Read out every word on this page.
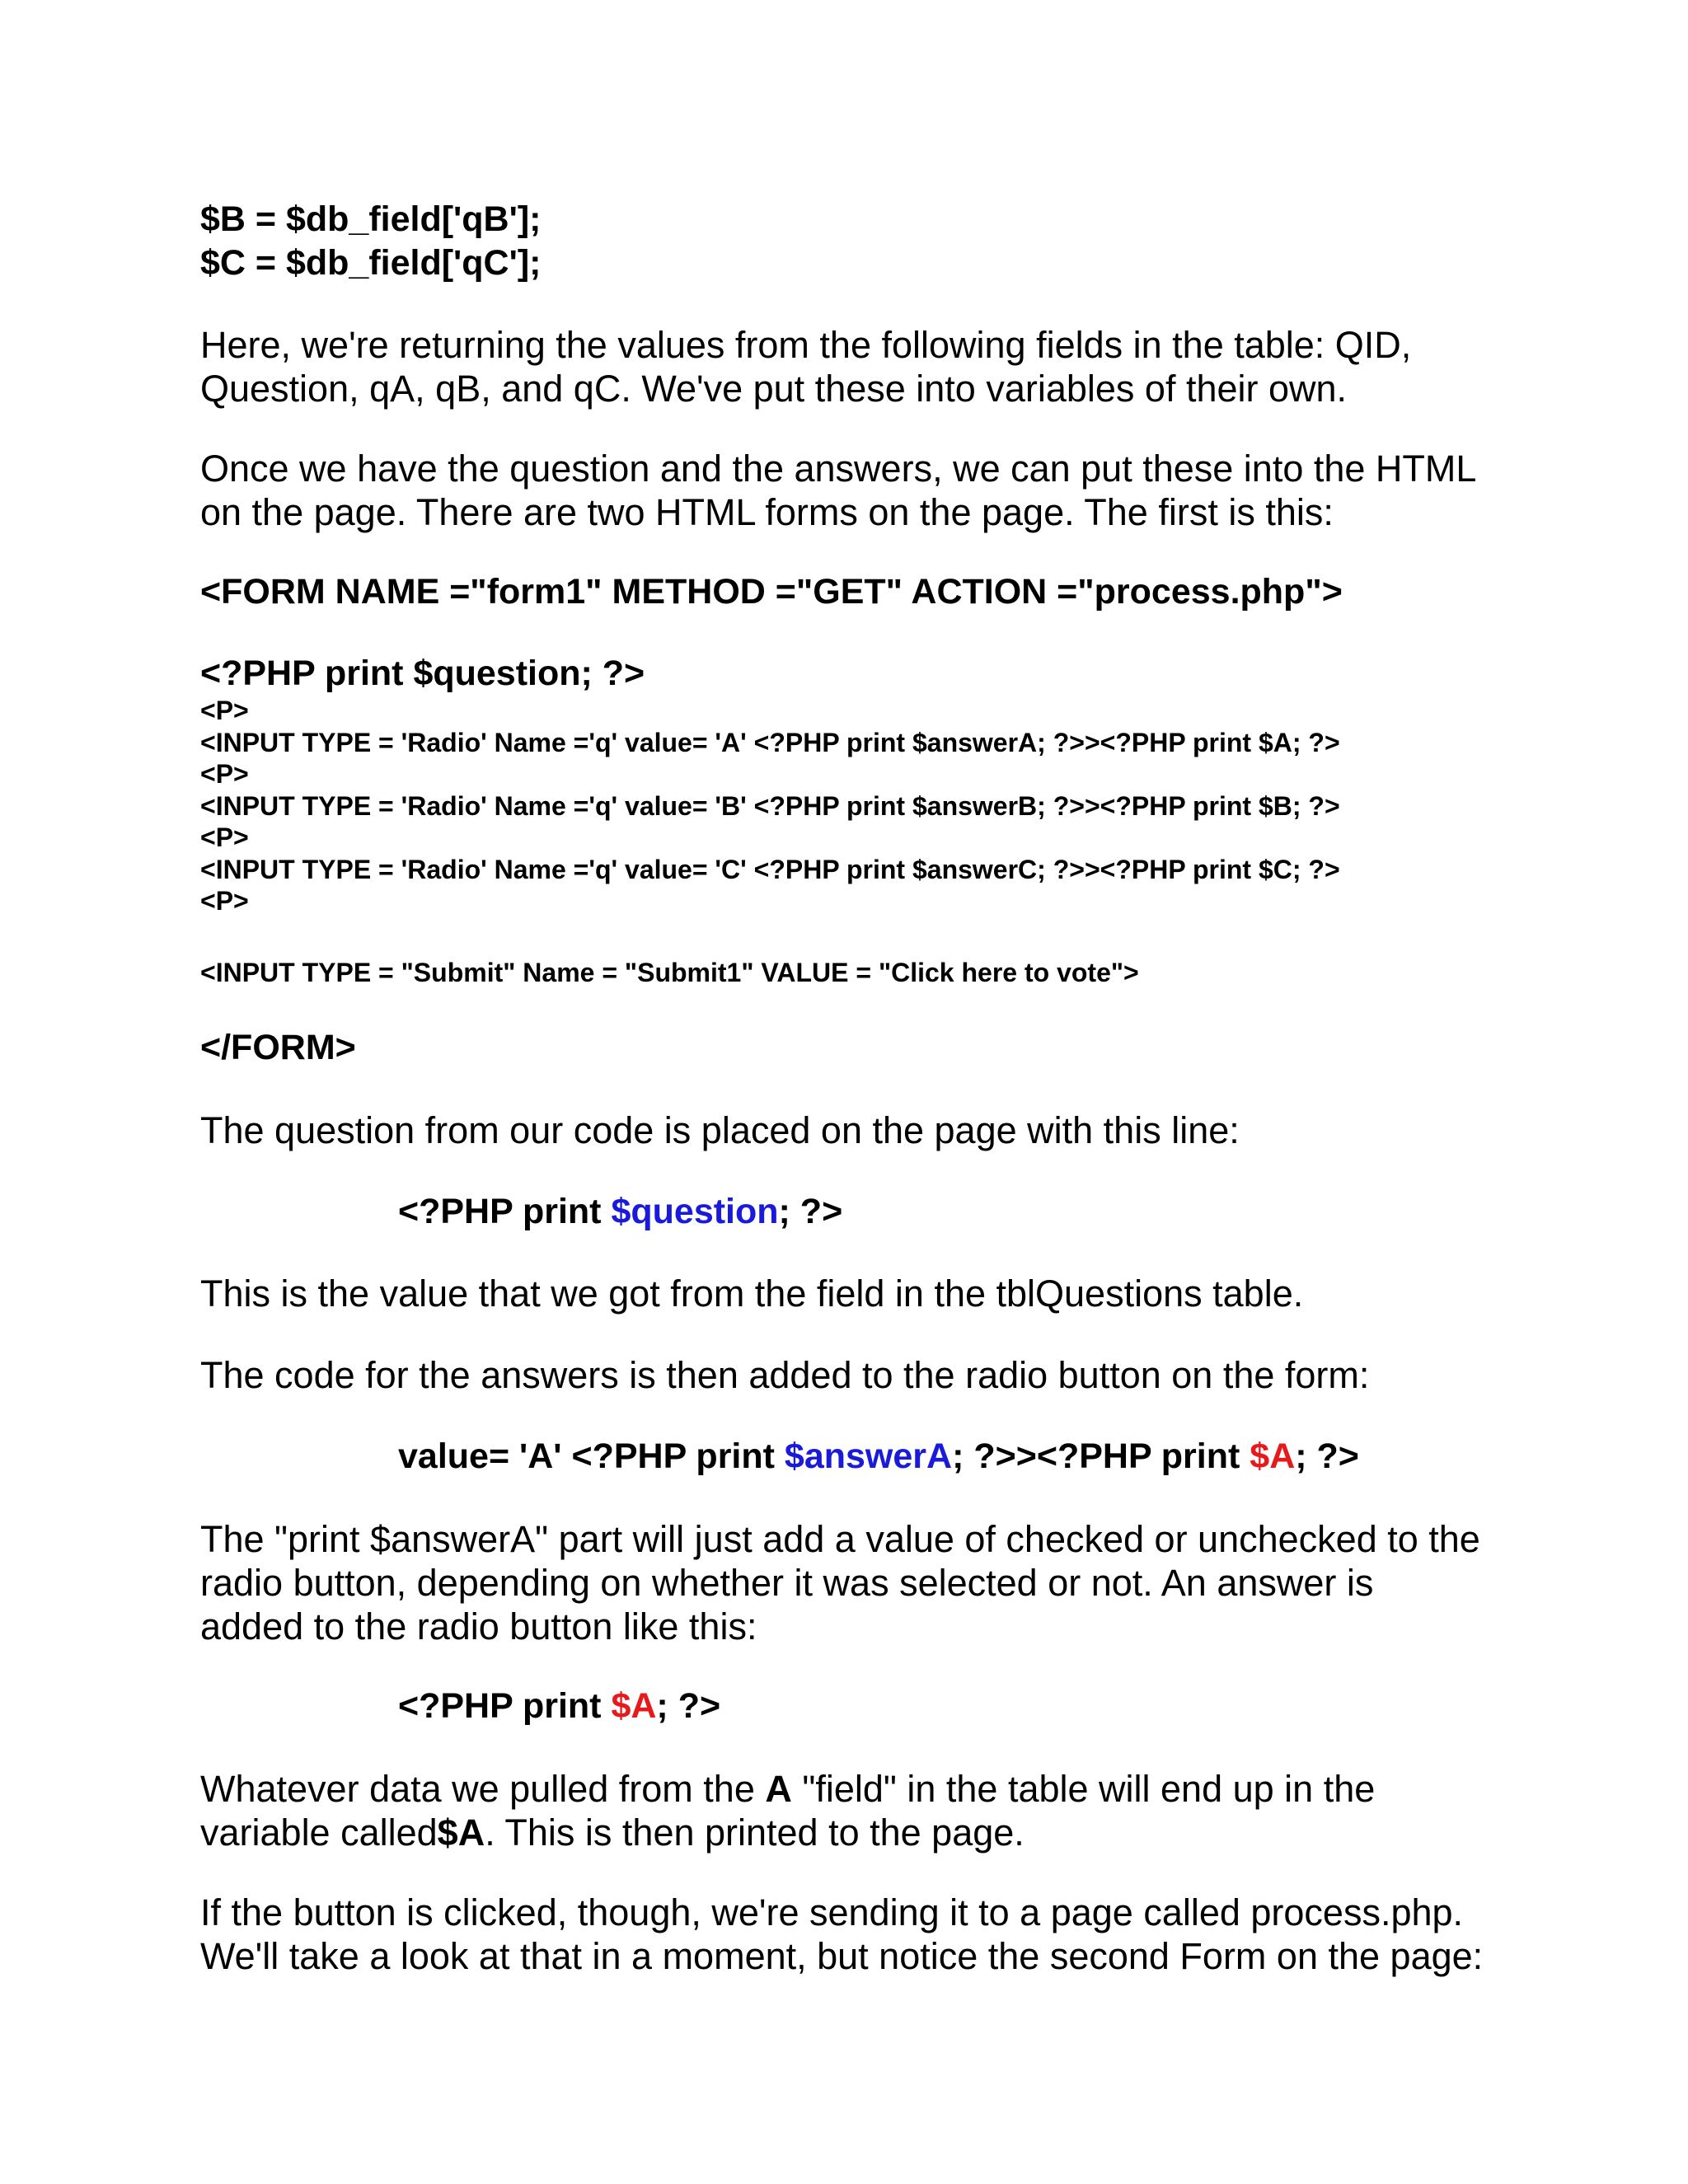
$B = $db_field['qB'];
$C = $db_field['qC'];
Here, we're returning the values from the following fields in the table: QID,
Question, qA, qB, and qC. We've put these into variables of their own.
Once we have the question and the answers, we can put these into the HTML
on the page. There are two HTML forms on the page. The first is this:
<FORM NAME ="form1" METHOD ="GET" ACTION ="process.php">
<?PHP print $question; ?>
<P>
<INPUT TYPE = 'Radio' Name ='q' value= 'A' <?PHP print $answerA; ?>><?PHP print $A; ?>
<P>
<INPUT TYPE = 'Radio' Name ='q' value= 'B' <?PHP print $answerB; ?>><?PHP print $B; ?>
<P>
<INPUT TYPE = 'Radio' Name ='q' value= 'C' <?PHP print $answerC; ?>><?PHP print $C; ?>
<P>
<INPUT TYPE = "Submit" Name = "Submit1" VALUE = "Click here to vote">
</FORM>
The question from our code is placed on the page with this line:
<?PHP print $question; ?>
This is the value that we got from the field in the tblQuestions table.
The code for the answers is then added to the radio button on the form:
value= 'A' <?PHP print $answerA; ?>><?PHP print $A; ?>
The "print $answerA" part will just add a value of checked or unchecked to the
radio button, depending on whether it was selected or not. An answer is
added to the radio button like this:
<?PHP print $A; ?>
Whatever data we pulled from the A "field" in the table will end up in the
variable called$A. This is then printed to the page.
If the button is clicked, though, we're sending it to a page called process.php.
We'll take a look at that in a moment, but notice the second Form on the page:
